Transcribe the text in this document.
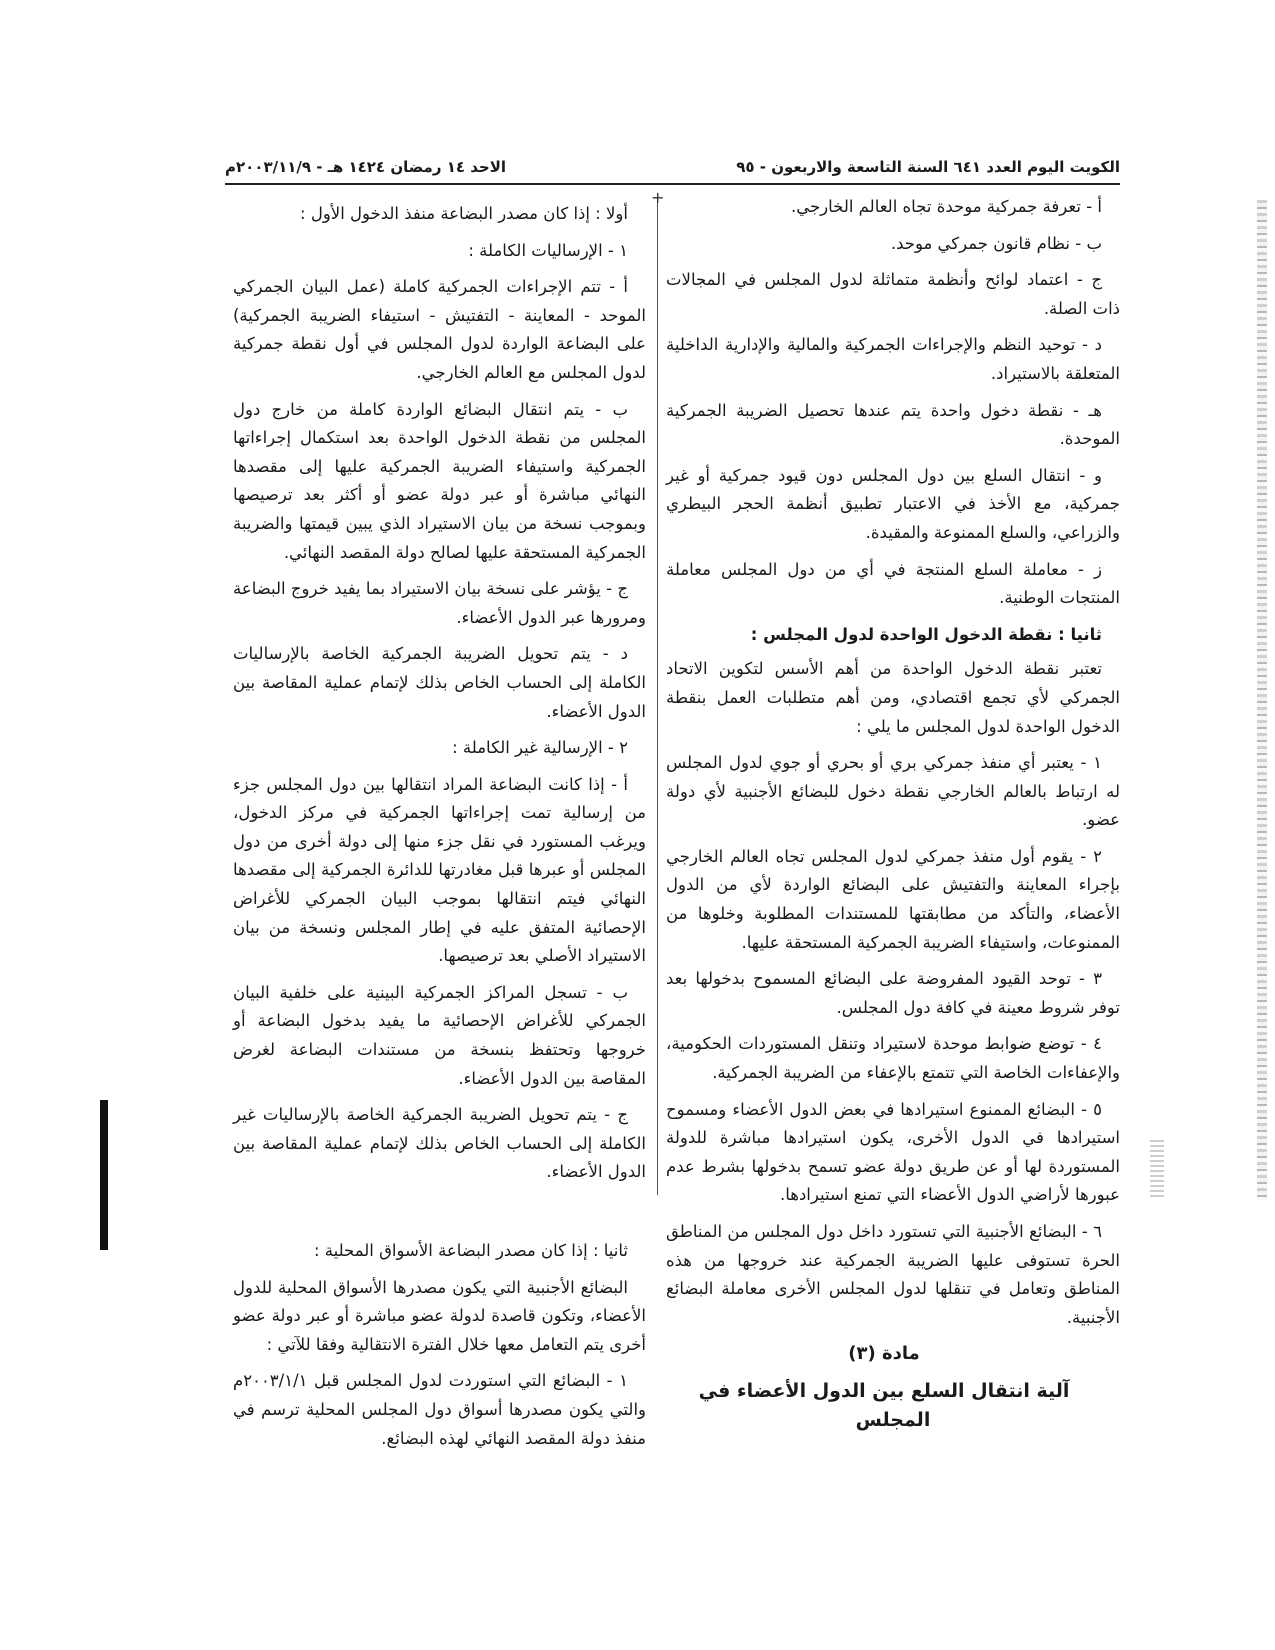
الكويت اليوم العدد ٦٤١ السنة التاسعة والاربعون - ٩٥
الاحد ١٤ رمضان ١٤٢٤ هـ - ٢٠٠٣/١١/٩م
+	أ - تعرفة جمركية موحدة تجاه العالم الخارجي.

ب - نظام قانون جمركي موحد.

ج - اعتماد لوائح وأنظمة متماثلة لدول المجلس في المجالات ذات الصلة.

د - توحيد النظم والإجراءات الجمركية والمالية والإدارية الداخلية المتعلقة بالاستيراد.

هـ - نقطة دخول واحدة يتم عندها تحصيل الضريبة الجمركية الموحدة.

و - انتقال السلع بين دول المجلس دون قيود جمركية أو غير جمركية، مع الأخذ في الاعتبار تطبيق أنظمة الحجر البيطري والزراعي، والسلع الممنوعة والمقيدة.

ز - معاملة السلع المنتجة في أي من دول المجلس معاملة المنتجات الوطنية.

ثانيا : نقطة الدخول الواحدة لدول المجلس :

تعتبر نقطة الدخول الواحدة من أهم الأسس لتكوين الاتحاد الجمركي لأي تجمع اقتصادي، ومن أهم متطلبات العمل بنقطة الدخول الواحدة لدول المجلس ما يلي :

١ - يعتبر أي منفذ جمركي بري أو بحري أو جوي لدول المجلس له ارتباط بالعالم الخارجي نقطة دخول للبضائع الأجنبية لأي دولة عضو.

٢ - يقوم أول منفذ جمركي لدول المجلس تجاه العالم الخارجي بإجراء المعاينة والتفتيش على البضائع الواردة لأي من الدول الأعضاء، والتأكد من مطابقتها للمستندات المطلوبة وخلوها من الممنوعات، واستيفاء الضريبة الجمركية المستحقة عليها.

٣ - توحد القيود المفروضة على البضائع المسموح بدخولها بعد توفر شروط معينة في كافة دول المجلس.

٤ - توضع ضوابط موحدة لاستيراد وتنقل المستوردات الحكومية، والإعفاءات الخاصة التي تتمتع بالإعفاء من الضريبة الجمركية.

٥ - البضائع الممنوع استيرادها في بعض الدول الأعضاء ومسموح استيرادها في الدول الأخرى، يكون استيرادها مباشرة للدولة المستوردة لها أو عن طريق دولة عضو تسمح بدخولها بشرط عدم عبورها لأراضي الدول الأعضاء التي تمنع استيرادها.

٦ - البضائع الأجنبية التي تستورد داخل دول المجلس من المناطق الحرة تستوفى عليها الضريبة الجمركية عند خروجها من هذه المناطق وتعامل في تنقلها لدول المجلس الأخرى معاملة البضائع الأجنبية.

مادة (٣)

آلية انتقال السلع بين الدول الأعضاء في المجلس

أولا : إذا كان مصدر البضاعة منفذ الدخول الأول :

١ - الإرساليات الكاملة :

أ - تتم الإجراءات الجمركية كاملة (عمل البيان الجمركي الموحد - المعاينة - التفتيش - استيفاء الضريبة الجمركية) على البضاعة الواردة لدول المجلس في أول نقطة جمركية لدول المجلس مع العالم الخارجي.

ب - يتم انتقال البضائع الواردة كاملة من خارج دول المجلس من نقطة الدخول الواحدة بعد استكمال إجراءاتها الجمركية واستيفاء الضريبة الجمركية عليها إلى مقصدها النهائي مباشرة أو عبر دولة عضو أو أكثر بعد ترصيصها وبموجب نسخة من بيان الاستيراد الذي يبين قيمتها والضريبة الجمركية المستحقة عليها لصالح دولة المقصد النهائي.

ج - يؤشر على نسخة بيان الاستيراد بما يفيد خروج البضاعة ومرورها عبر الدول الأعضاء.

د - يتم تحويل الضريبة الجمركية الخاصة بالإرساليات الكاملة إلى الحساب الخاص بذلك لإتمام عملية المقاصة بين الدول الأعضاء.

٢ - الإرسالية غير الكاملة :

أ - إذا كانت البضاعة المراد انتقالها بين دول المجلس جزء من إرسالية تمت إجراءاتها الجمركية في مركز الدخول، ويرغب المستورد في نقل جزء منها إلى دولة أخرى من دول المجلس أو عبرها قبل مغادرتها للدائرة الجمركية إلى مقصدها النهائي فيتم انتقالها بموجب البيان الجمركي للأغراض الإحصائية المتفق عليه في إطار المجلس ونسخة من بيان الاستيراد الأصلي بعد ترصيصها.

ب - تسجل المراكز الجمركية البينية على خلفية البيان الجمركي للأغراض الإحصائية ما يفيد بدخول البضاعة أو خروجها وتحتفظ بنسخة من مستندات البضاعة لغرض المقاصة بين الدول الأعضاء.

ج - يتم تحويل الضريبة الجمركية الخاصة بالإرساليات غير الكاملة إلى الحساب الخاص بذلك لإتمام عملية المقاصة بين الدول الأعضاء.

ثانيا : إذا كان مصدر البضاعة الأسواق المحلية :

البضائع الأجنبية التي يكون مصدرها الأسواق المحلية للدول الأعضاء، وتكون قاصدة لدولة عضو مباشرة أو عبر دولة عضو أخرى يتم التعامل معها خلال الفترة الانتقالية وفقا للآتي :

١ - البضائع التي استوردت لدول المجلس قبل ٢٠٠٣/١/١م والتي يكون مصدرها أسواق دول المجلس المحلية ترسم في منفذ دولة المقصد النهائي لهذه البضائع.
